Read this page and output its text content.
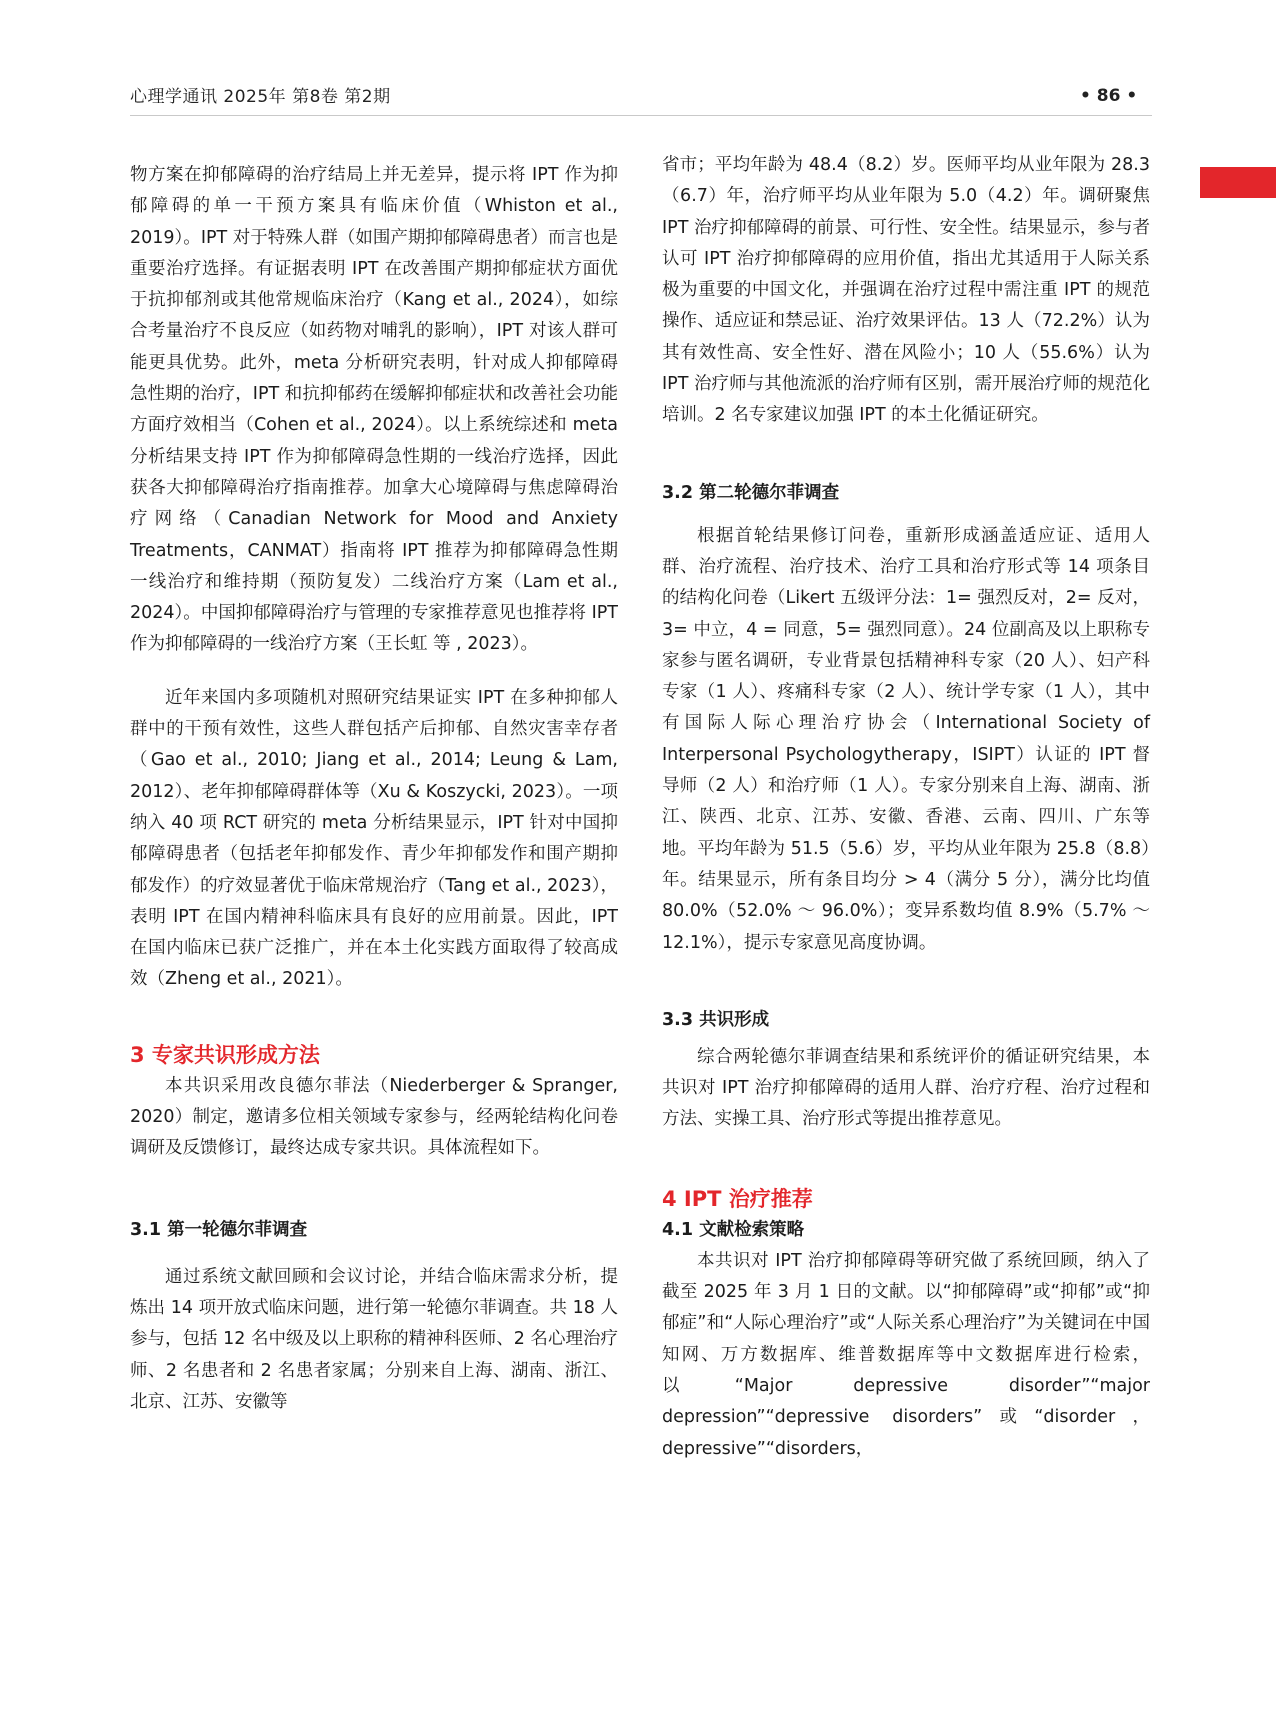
心理学通讯 2025年 第8卷 第2期	• 86 •

物方案在抑郁障碍的治疗结局上并无差异，提示将 IPT 作为抑郁障碍的单一干预方案具有临床价值（Whiston et al., 2019）。IPT 对于特殊人群（如围产期抑郁障碍患者）而言也是重要治疗选择。有证据表明 IPT 在改善围产期抑郁症状方面优于抗抑郁剂或其他常规临床治疗（Kang et al., 2024），如综合考量治疗不良反应（如药物对哺乳的影响），IPT 对该人群可能更具优势。此外，meta 分析研究表明，针对成人抑郁障碍急性期的治疗，IPT 和抗抑郁药在缓解抑郁症状和改善社会功能方面疗效相当（Cohen et al., 2024）。以上系统综述和 meta 分析结果支持 IPT 作为抑郁障碍急性期的一线治疗选择，因此获各大抑郁障碍治疗指南推荐。加拿大心境障碍与焦虑障碍治疗网络（Canadian Network for Mood and Anxiety Treatments，CANMAT）指南将 IPT 推荐为抑郁障碍急性期一线治疗和维持期（预防复发）二线治疗方案（Lam et al., 2024）。中国抑郁障碍治疗与管理的专家推荐意见也推荐将 IPT 作为抑郁障碍的一线治疗方案（王长虹 等 , 2023）。

近年来国内多项随机对照研究结果证实 IPT 在多种抑郁人群中的干预有效性，这些人群包括产后抑郁、自然灾害幸存者（Gao et al., 2010; Jiang et al., 2014; Leung & Lam, 2012）、老年抑郁障碍群体等（Xu & Koszycki, 2023）。一项纳入 40 项 RCT 研究的 meta 分析结果显示，IPT 针对中国抑郁障碍患者（包括老年抑郁发作、青少年抑郁发作和围产期抑郁发作）的疗效显著优于临床常规治疗（Tang et al., 2023），表明 IPT 在国内精神科临床具有良好的应用前景。因此，IPT 在国内临床已获广泛推广，并在本土化实践方面取得了较高成效（Zheng et al., 2021）。

3 专家共识形成方法

本共识采用改良德尔菲法（Niederberger & Spranger, 2020）制定，邀请多位相关领域专家参与，经两轮结构化问卷调研及反馈修订，最终达成专家共识。具体流程如下。

3.1 第一轮德尔菲调查

通过系统文献回顾和会议讨论，并结合临床需求分析，提炼出 14 项开放式临床问题，进行第一轮德尔菲调查。共 18 人参与，包括 12 名中级及以上职称的精神科医师、2 名心理治疗师、2 名患者和 2 名患者家属；分别来自上海、湖南、浙江、北京、江苏、安徽等

省市；平均年龄为 48.4（8.2）岁。医师平均从业年限为 28.3（6.7）年，治疗师平均从业年限为 5.0（4.2）年。调研聚焦 IPT 治疗抑郁障碍的前景、可行性、安全性。结果显示，参与者认可 IPT 治疗抑郁障碍的应用价值，指出尤其适用于人际关系极为重要的中国文化，并强调在治疗过程中需注重 IPT 的规范操作、适应证和禁忌证、治疗效果评估。13 人（72.2%）认为其有效性高、安全性好、潜在风险小；10 人（55.6%）认为 IPT 治疗师与其他流派的治疗师有区别，需开展治疗师的规范化培训。2 名专家建议加强 IPT 的本土化循证研究。

3.2 第二轮德尔菲调查

根据首轮结果修订问卷，重新形成涵盖适应证、适用人群、治疗流程、治疗技术、治疗工具和治疗形式等 14 项条目的结构化问卷（Likert 五级评分法：1= 强烈反对，2= 反对，3= 中立，4 = 同意，5= 强烈同意）。24 位副高及以上职称专家参与匿名调研，专业背景包括精神科专家（20 人）、妇产科专家（1 人）、疼痛科专家（2 人）、统计学专家（1 人），其中有国际人际心理治疗协会（International Society of Interpersonal Psychologytherapy，ISIPT）认证的 IPT 督导师（2 人）和治疗师（1 人）。专家分别来自上海、湖南、浙江、陕西、北京、江苏、安徽、香港、云南、四川、广东等地。平均年龄为 51.5（5.6）岁，平均从业年限为 25.8（8.8）年。结果显示，所有条目均分 > 4（满分 5 分），满分比均值 80.0%（52.0% ～ 96.0%）；变异系数均值 8.9%（5.7% ～ 12.1%），提示专家意见高度协调。

3.3 共识形成

综合两轮德尔菲调查结果和系统评价的循证研究结果，本共识对 IPT 治疗抑郁障碍的适用人群、治疗疗程、治疗过程和方法、实操工具、治疗形式等提出推荐意见。

4 IPT 治疗推荐
4.1 文献检索策略

本共识对 IPT 治疗抑郁障碍等研究做了系统回顾，纳入了截至 2025 年 3 月 1 日的文献。以“抑郁障碍”或“抑郁”或“抑郁症”和“人际心理治疗”或“人际关系心理治疗”为关键词在中国知网、万方数据库、维普数据库等中文数据库进行检索，以“Major depressive disorder”“major depression”“depressive disorders”或“disorder，depressive”“disorders，
